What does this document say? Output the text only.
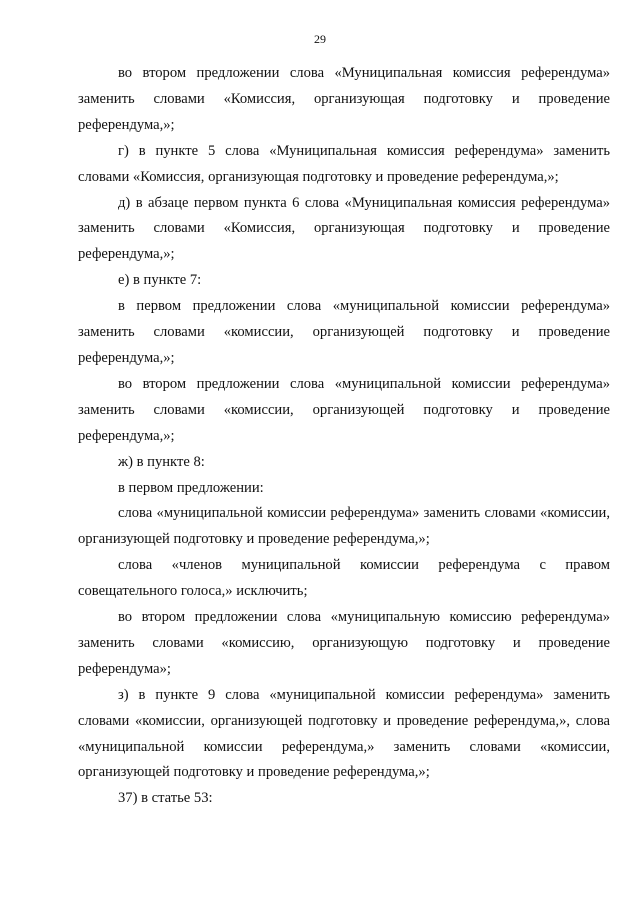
29

во втором предложении слова «Муниципальная комиссия референдума» заменить словами «Комиссия, организующая подготовку и проведение референдума,»;

г) в пункте 5 слова «Муниципальная комиссия референдума» заменить словами «Комиссия, организующая подготовку и проведение референдума,»;

д) в абзаце первом пункта 6 слова «Муниципальная комиссия референдума» заменить словами «Комиссия, организующая подготовку и проведение референдума,»;

е) в пункте 7:

в первом предложении слова «муниципальной комиссии референдума» заменить словами «комиссии, организующей подготовку и проведение референдума,»;

во втором предложении слова «муниципальной комиссии референдума» заменить словами «комиссии, организующей подготовку и проведение референдума,»;

ж) в пункте 8:

в первом предложении:

слова «муниципальной комиссии референдума» заменить словами «комиссии, организующей подготовку и проведение референдума,»;

слова «членов муниципальной комиссии референдума с правом совещательного голоса,» исключить;

во втором предложении слова «муниципальную комиссию референдума» заменить словами «комиссию, организующую подготовку и проведение референдума»;

з) в пункте 9 слова «муниципальной комиссии референдума» заменить словами «комиссии, организующей подготовку и проведение референдума,», слова «муниципальной комиссии референдума,» заменить словами «комиссии, организующей подготовку и проведение референдума,»;

37) в статье 53:
